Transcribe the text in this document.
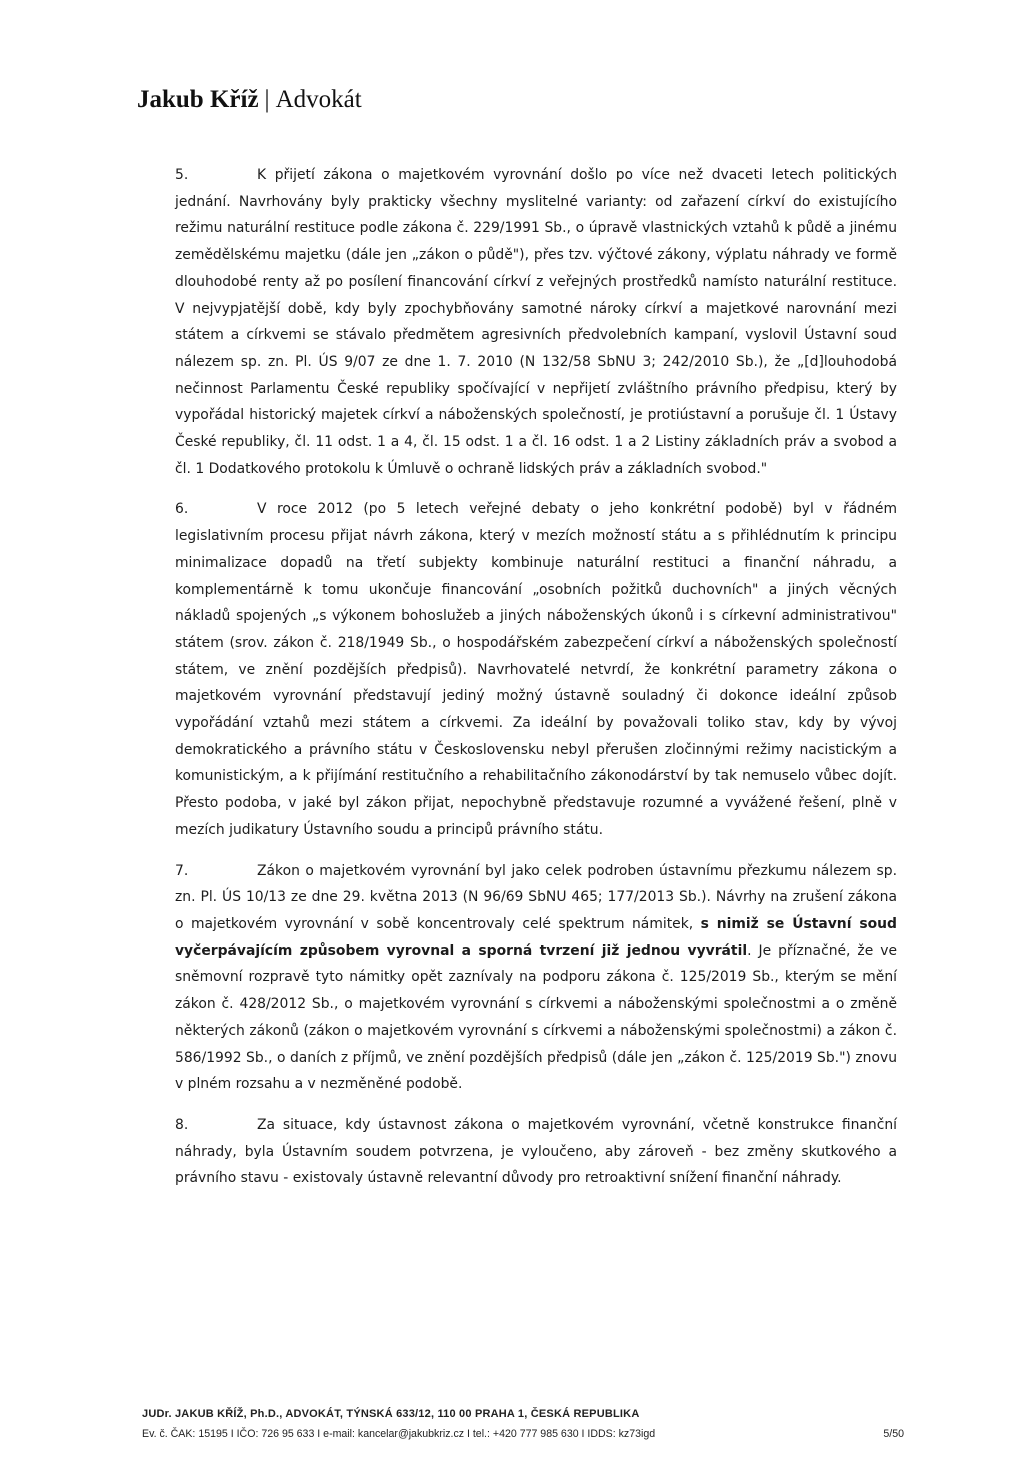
Jakub Kříž | Advokát

5.	K přijetí zákona o majetkovém vyrovnání došlo po více než dvaceti letech politických jednání. Navrhovány byly prakticky všechny myslitelné varianty: od zařazení církví do existujícího režimu naturální restituce podle zákona č. 229/1991 Sb., o úpravě vlastnických vztahů k půdě a jinému zemědělskému majetku (dále jen „zákon o půdě"), přes tzv. výčtové zákony, výplatu náhrady ve formě dlouhodobé renty až po posílení financování církví z veřejných prostředků namísto naturální restituce. V nejvypjatější době, kdy byly zpochybňovány samotné nároky církví a majetkové narovnání mezi státem a církvemi se stávalo předmětem agresivních předvolebních kampaní, vyslovil Ústavní soud nálezem sp. zn. Pl. ÚS 9/07 ze dne 1. 7. 2010 (N 132/58 SbNU 3; 242/2010 Sb.), že „[d]louhodobá nečinnost Parlamentu České republiky spočívající v nepřijetí zvláštního právního předpisu, který by vypořádal historický majetek církví a náboženských společností, je protiústavní a porušuje čl. 1 Ústavy České republiky, čl. 11 odst. 1 a 4, čl. 15 odst. 1 a čl. 16 odst. 1 a 2 Listiny základních práv a svobod a čl. 1 Dodatkového protokolu k Úmluvě o ochraně lidských práv a základních svobod."

6.	V roce 2012 (po 5 letech veřejné debaty o jeho konkrétní podobě) byl v řádném legislativním procesu přijat návrh zákona, který v mezích možností státu a s přihlédnutím k principu minimalizace dopadů na třetí subjekty kombinuje naturální restituci a finanční náhradu, a komplementárně k tomu ukončuje financování „osobních požitků duchovních" a jiných věcných nákladů spojených „s výkonem bohoslužeb a jiných náboženských úkonů i s církevní administrativou" státem (srov. zákon č. 218/1949 Sb., o hospodářském zabezpečení církví a náboženských společností státem, ve znění pozdějších předpisů). Navrhovatelé netvrdí, že konkrétní parametry zákona o majetkovém vyrovnání představují jediný možný ústavně souladný či dokonce ideální způsob vypořádání vztahů mezi státem a církvemi. Za ideální by považovali toliko stav, kdy by vývoj demokratického a právního státu v Československu nebyl přerušen zločinnými režimy nacistickým a komunistickým, a k přijímání restitučního a rehabilitačního zákonodárství by tak nemuselo vůbec dojít. Přesto podoba, v jaké byl zákon přijat, nepochybně představuje rozumné a vyvážené řešení, plně v mezích judikatury Ústavního soudu a principů právního státu.

7.	Zákon o majetkovém vyrovnání byl jako celek podroben ústavnímu přezkumu nálezem sp. zn. Pl. ÚS 10/13 ze dne 29. května 2013 (N 96/69 SbNU 465; 177/2013 Sb.). Návrhy na zrušení zákona o majetkovém vyrovnání v sobě koncentrovaly celé spektrum námitek, s nimiž se Ústavní soud vyčerpávajícím způsobem vyrovnal a sporná tvrzení již jednou vyvrátil. Je příznačné, že ve sněmovní rozpravě tyto námitky opět zaznívaly na podporu zákona č. 125/2019 Sb., kterým se mění zákon č. 428/2012 Sb., o majetkovém vyrovnání s církvemi a náboženskými společnostmi a o změně některých zákonů (zákon o majetkovém vyrovnání s církvemi a náboženskými společnostmi) a zákon č. 586/1992 Sb., o daních z příjmů, ve znění pozdějších předpisů (dále jen „zákon č. 125/2019 Sb.") znovu v plném rozsahu a v nezměněné podobě.

8.	Za situace, kdy ústavnost zákona o majetkovém vyrovnání, včetně konstrukce finanční náhrady, byla Ústavním soudem potvrzena, je vyloučeno, aby zároveň - bez změny skutkového a právního stavu - existovaly ústavně relevantní důvody pro retroaktivní snížení finanční náhrady.

JUDr. JAKUB KŘÍŽ, Ph.D., ADVOKÁT, TÝNSKÁ 633/12, 110 00 PRAHA 1, ČESKÁ REPUBLIKA
Ev. č. ČAK: 15195 I IČO: 726 95 633 I e-mail: kancelar@jakubkriz.cz I tel.: +420 777 985 630 I IDDS: kz73igd	5/50
